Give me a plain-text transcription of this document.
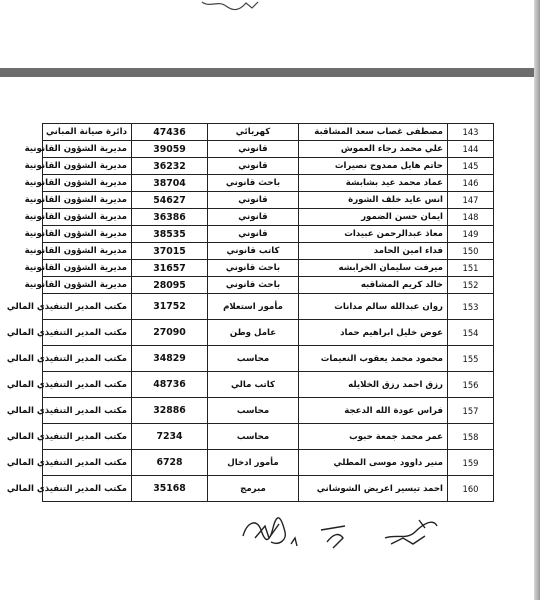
143	مصطفى غصاب سعد المشاقبة	كهربائي	47436	دائرة صيانة المباني
144	علي محمد رجاء العموش	قانوني	39059	مديرية الشؤون القانونية
145	حاتم هايل ممدوح نصيرات	قانوني	36232	مديرية الشؤون القانونية
146	عماد محمد عيد بشابشة	باحث قانوني	38704	مديرية الشؤون القانونية
147	انس عايد خلف الشورة	قانوني	54627	مديرية الشؤون القانونية
148	ايمان حسن الضمور	قانوني	36386	مديرية الشؤون القانونية
149	معاذ عبدالرحمن عبيدات	قانوني	38535	مديرية الشؤون القانونية
150	فداء امين الحامد	كاتب قانوني	37015	مديرية الشؤون القانونية
151	ميرفت سليمان الخرابشه	باحث قانوني	31657	مديرية الشؤون القانونية
152	خالد كريم المشاقبه	باحث قانوني	28095	مديرية الشؤون القانونية
153	روان عبدالله سالم مدانات	مأمور استعلام	31752	مكتب المدير التنفيذي المالي
154	عوض خليل ابراهيم حماد	عامل وطن	27090	مكتب المدير التنفيذي المالي
155	محمود محمد يعقوب النعيمات	محاسب	34829	مكتب المدير التنفيذي المالي
156	رزق احمد رزق الخلايله	كاتب مالي	48736	مكتب المدير التنفيذي المالي
157	فراس عودة الله الدعجة	محاسب	32886	مكتب المدير التنفيذي المالي
158	عمر محمد جمعة حبوب	محاسب	7234	مكتب المدير التنفيذي المالي
159	منير داوود موسى المطلي	مأمور ادخال	6728	مكتب المدير التنفيذي المالي
160	احمد تيسير اعريض الشوشاني	مبرمج	35168	مكتب المدير التنفيذي المالي
